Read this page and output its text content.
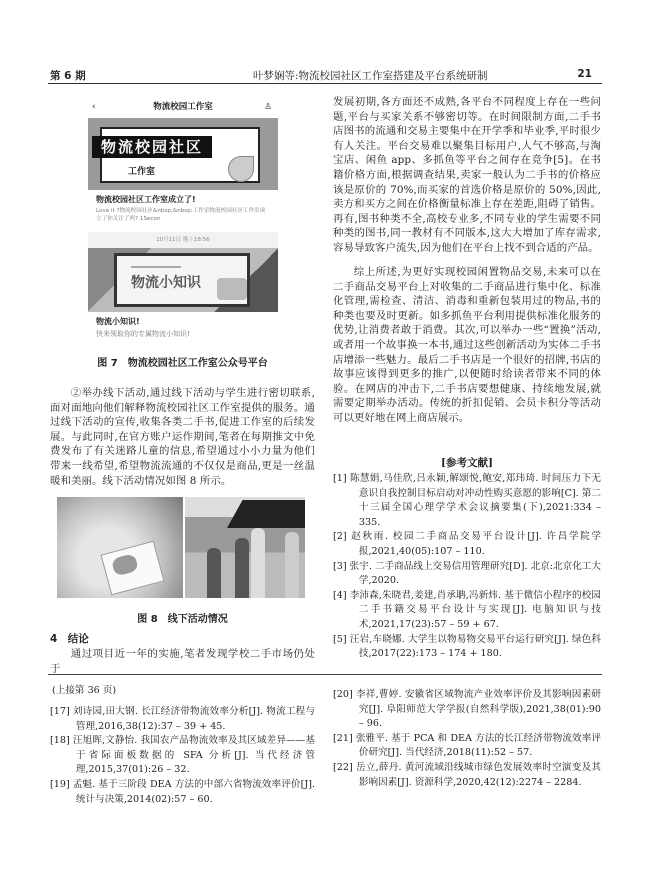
第 6 期	叶梦娴等:物流校园社区工作室搭建及平台系统研制	21
‹	物流校园工作室	♙
物流校园社区
工作室
物流校园社区工作室成立了!
Love it ?物流校园社区&nbsp;&nbsp;工作室物流校园社区工作室成立了你关注了吗? 1Secon
10月11日 晚上18:56
物流小知识
物流小知识!
快来领取你的专属物流小知识!
图 7　物流校园社区工作室公众号平台
②举办线下活动,通过线下活动与学生进行密切联系,面对面地向他们解释物流校园社区工作室提供的服务。通过线下活动的宣传,收集各类二手书,促进工作室的后续发展。与此同时,在官方账户运作期间,笔者在每期推文中免费发布了有关迷路儿童的信息,希望通过小小力量为他们带来一线希望,希望物流流通的不仅仅是商品,更是一丝温暖和美丽。线下活动情况如图 8 所示。
图 8　线下活动情况
4　结论
通过项目近一年的实施,笔者发现学校二手市场仍处于
发展初期,各方面还不成熟,各平台不同程度上存在一些问题,平台与买家关系不够密切等。在时间限制方面,二手书店图书的流通和交易主要集中在开学季和毕业季,平时很少有人关注。平台交易难以聚集目标用户,人气不够高,与淘宝店、闲鱼 app、多抓鱼等平台之间存在竞争[5]。在书籍价格方面,根据调查结果,卖家一般认为二手书的价格应该是原价的 70%,而买家的首选价格是原价的 50%,因此,卖方和买方之间在价格衡量标准上存在差距,阻碍了销售。再有,图书种类不全,高校专业多,不同专业的学生需要不同种类的图书,同一教材有不同版本,这大大增加了库存需求,容易导致客户流失,因为他们在平台上找不到合适的产品。
综上所述,为更好实现校园闲置物品交易,未来可以在二手商品交易平台上对收集的二手商品进行集中化、标准化管理,需检查、清洁、消毒和重新包装用过的物品,书的种类也要及时更新。如多抓鱼平台利用提供标准化服务的优势,让消费者敢于消费。其次,可以举办一些“置换”活动,或者用一个故事换一本书,通过这些创新活动为实体二手书店增添一些魅力。最后二手书店是一个很好的招牌,书店的故事应该得到更多的推广,以便随时给读者带来不同的体验。在网店的冲击下,二手书店要想健康、持续地发展,就需要定期举办活动。传统的折扣促销、会员卡积分等活动可以更好地在网上商店展示。
[参考文献]
[1] 陈慧娟,马佳欣,吕永颖,解颂悦,鲍安,郑玮琦. 时间压力下无意识自我控制目标启动对冲动性购买意愿的影响[C]. 第二十三届全国心理学学术会议摘要集(下),2021:334 – 335.
[2] 赵秋雨. 校园二手商品交易平台设计[J]. 许昌学院学报,2021,40(05):107 – 110.
[3] 张宇. 二手商品线上交易信用管理研究[D]. 北京:北京化工大学,2020.
[4] 李沛森,朱晓君,姜建,肖承聃,冯新炜. 基于微信小程序的校园二手书籍交易平台设计与实现[J]. 电脑知识与技术,2021,17(23):57 – 59 + 67.
[5] 汪岩,车晓娜. 大学生以物易物交易平台运行研究[J]. 绿色科技,2017(22):173 – 174 + 180.
(上接第 36 页)
[17] 刘诗园,田大钢. 长江经济带物流效率分析[J]. 物流工程与管理,2016,38(12):37 – 39 + 45.
[18] 汪旭晖,文静怡. 我国农产品物流效率及其区域差异——基于省际面板数据的 SFA 分析[J]. 当代经济管理,2015,37(01):26 – 32.
[19] 孟魁. 基于三阶段 DEA 方法的中部六省物流效率评价[J]. 统计与决策,2014(02):57 – 60.
[20] 李祥,曹婷. 安徽省区域物流产业效率评价及其影响因素研究[J]. 阜阳师范大学学报(自然科学版),2021,38(01):90 – 96.
[21] 张雅平. 基于 PCA 和 DEA 方法的长江经济带物流效率评价研究[J]. 当代经济,2018(11):52 – 57.
[22] 岳立,薛丹. 黄河流域沿线城市绿色发展效率时空演变及其影响因素[J]. 资源科学,2020,42(12):2274 – 2284.
